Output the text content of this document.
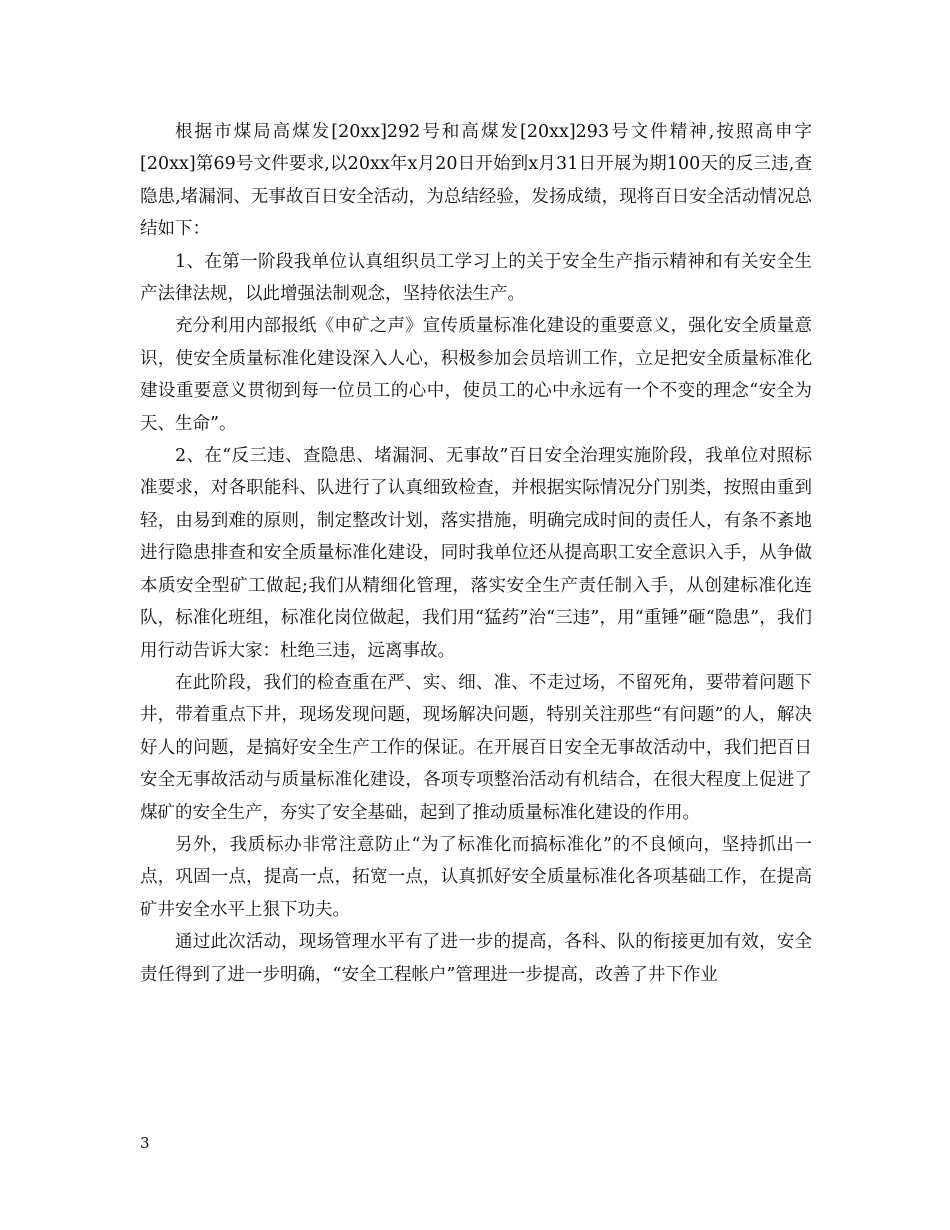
根据市煤局高煤发[20xx]292号和高煤发[20xx]293号文件精神,按照高申字[20xx]第69号文件要求,以20xx年x月20日开始到x月31日开展为期100天的反三违,查隐患,堵漏洞、无事故百日安全活动，为总结经验，发扬成绩，现将百日安全活动情况总结如下：

1、在第一阶段我单位认真组织员工学习上的关于安全生产指示精神和有关安全生产法律法规，以此增强法制观念，坚持依法生产。

充分利用内部报纸《申矿之声》宣传质量标准化建设的重要意义，强化安全质量意识，使安全质量标准化建设深入人心，积极参加会员培训工作，立足把安全质量标准化建设重要意义贯彻到每一位员工的心中，使员工的心中永远有一个不变的理念“安全为天、生命”。

2、在“反三违、查隐患、堵漏洞、无事故”百日安全治理实施阶段，我单位对照标准要求，对各职能科、队进行了认真细致检查，并根据实际情况分门别类，按照由重到轻，由易到难的原则，制定整改计划，落实措施，明确完成时间的责任人，有条不紊地进行隐患排查和安全质量标准化建设，同时我单位还从提高职工安全意识入手，从争做本质安全型矿工做起;我们从精细化管理，落实安全生产责任制入手，从创建标准化连队，标准化班组，标准化岗位做起，我们用“猛药”治“三违”，用“重锤”砸“隐患”，我们用行动告诉大家：杜绝三违，远离事故。

在此阶段，我们的检查重在严、实、细、准、不走过场，不留死角，要带着问题下井，带着重点下井，现场发现问题，现场解决问题，特别关注那些“有问题”的人，解决好人的问题，是搞好安全生产工作的保证。在开展百日安全无事故活动中，我们把百日安全无事故活动与质量标准化建设，各项专项整治活动有机结合，在很大程度上促进了煤矿的安全生产，夯实了安全基础，起到了推动质量标准化建设的作用。

另外，我质标办非常注意防止“为了标准化而搞标准化”的不良倾向，坚持抓出一点，巩固一点，提高一点，拓宽一点，认真抓好安全质量标准化各项基础工作，在提高矿井安全水平上狠下功夫。

通过此次活动，现场管理水平有了进一步的提高，各科、队的衔接更加有效，安全责任得到了进一步明确，“安全工程帐户”管理进一步提高，改善了井下作业

3
